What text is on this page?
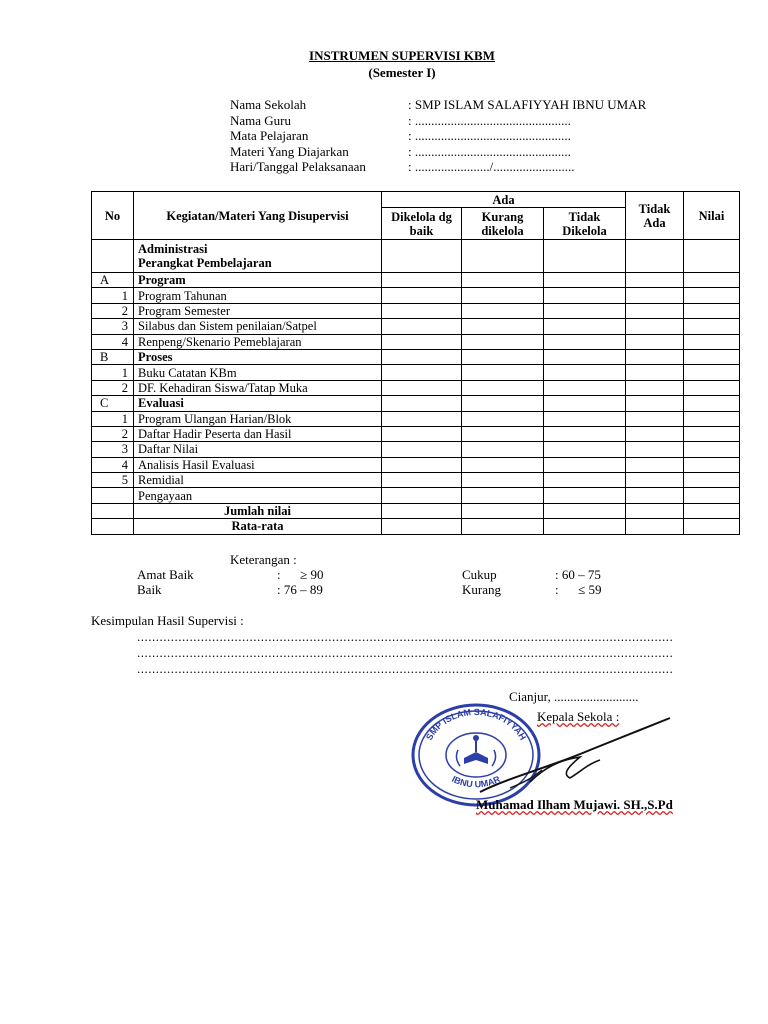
INSTRUMEN SUPERVISI KBM
(Semester I)
Nama Sekolah	: SMP ISLAM SALAFIYYAH IBNU UMAR
Nama Guru	: ................................................
Mata Pelajaran	: ................................................
Materi Yang Diajarkan	: ................................................
Hari/Tanggal Pelaksanaan	: ......................./.........................
No	Kegiatan/Materi Yang Disupervisi	Ada			Tidak Ada	Nilai
		Dikelola dg baik	Kurang dikelola	Tidak Dikelola		

	Administrasi
Perangkat Pembelajaran					

A	Program					
1	Program Tahunan					
2	Program Semester					
3	Silabus dan Sistem penilaian/Satpel					
4	Renpeng/Skenario Pemeblajaran					
B	Proses					
1	Buku Catatan KBm					
2	DF. Kehadiran Siswa/Tatap Muka					
C	Evaluasi					
1	Program Ulangan Harian/Blok					
2	Daftar Hadir Peserta dan Hasil					
3	Daftar Nilai					
4	Analisis Hasil Evaluasi					
5	Remidial					
	Pengayaan					
	Jumlah nilai					
	Rata-rata					
Keterangan :
Amat Baik	:      ≥ 90
Baik	: 76 – 89
Cukup	: 60 – 75
Kurang	:      ≤ 59
Kesimpulan Hasil Supervisi :
...............................................................................................................................................
...............................................................................................................................................
...............................................................................................................................................
Cianjur, ..........................
SMP ISLAM SALAFIYYAH
IBNU UMAR
Kepala Sekola :
Muhamad Ilham Mujawi. SH.,S.Pd
